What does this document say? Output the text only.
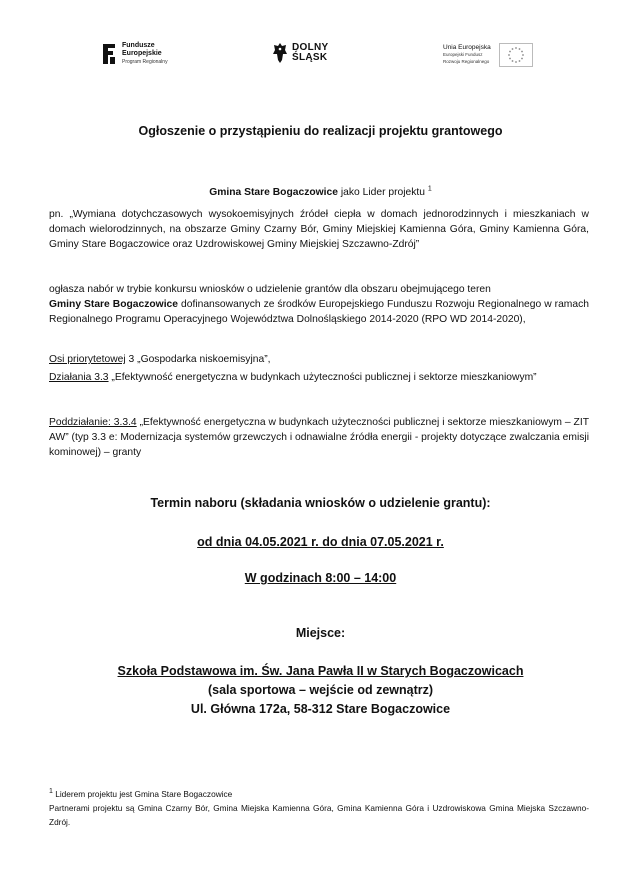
Fundusze
Europejskie
Program Regionalny
DOLNY
ŚLĄSK
Unia Europejska
Europejski Fundusz
Rozwoju Regionalnego
Ogłoszenie o przystąpieniu do realizacji projektu grantowego
Gmina Stare Bogaczowice jako Lider projektu $^1$
pn. „Wymiana dotychczasowych wysokoemisyjnych źródeł ciepła w domach jednorodzinnych i mieszkaniach w domach wielorodzinnych, na obszarze Gminy Czarny Bór, Gminy Miejskiej Kamienna Góra, Gminy Kamienna Góra, Gminy Stare Bogaczowice oraz Uzdrowiskowej Gminy Miejskiej Szczawno-Zdrój”
ogłasza nabór w trybie konkursu wniosków o udzielenie grantów dla obszaru obejmującego teren
Gminy Stare Bogaczowice dofinansowanych ze środków Europejskiego Funduszu Rozwoju Regionalnego w ramach Regionalnego Programu Operacyjnego Województwa Dolnośląskiego 2014-2020 (RPO WD 2014-2020),
Osi priorytetowej 3 „Gospodarka niskoemisyjna”,
Działania 3.3 „Efektywność energetyczna w budynkach użyteczności publicznej i sektorze mieszkaniowym”
Poddziałanie: 3.3.4 „Efektywność energetyczna w budynkach użyteczności publicznej i sektorze mieszkaniowym – ZIT AW” (typ 3.3 e: Modernizacja systemów grzewczych i odnawialne źródła energii - projekty dotyczące zwalczania emisji kominowej) – granty
Termin naboru (składania wniosków o udzielenie grantu):
od dnia 04.05.2021 r. do dnia 07.05.2021 r.
W godzinach 8:00 – 14:00
Miejsce:
Szkoła Podstawowa im. Św. Jana Pawła II w Starych Bogaczowicach
(sala sportowa – wejście od zewnątrz)
Ul. Główna 172a, 58-312 Stare Bogaczowice
$^1$ Liderem projektu jest Gmina Stare Bogaczowice
Partnerami projektu są Gmina Czarny Bór, Gmina Miejska Kamienna Góra, Gmina Kamienna Góra i Uzdrowiskowa Gmina Miejska Szczawno-Zdrój.
